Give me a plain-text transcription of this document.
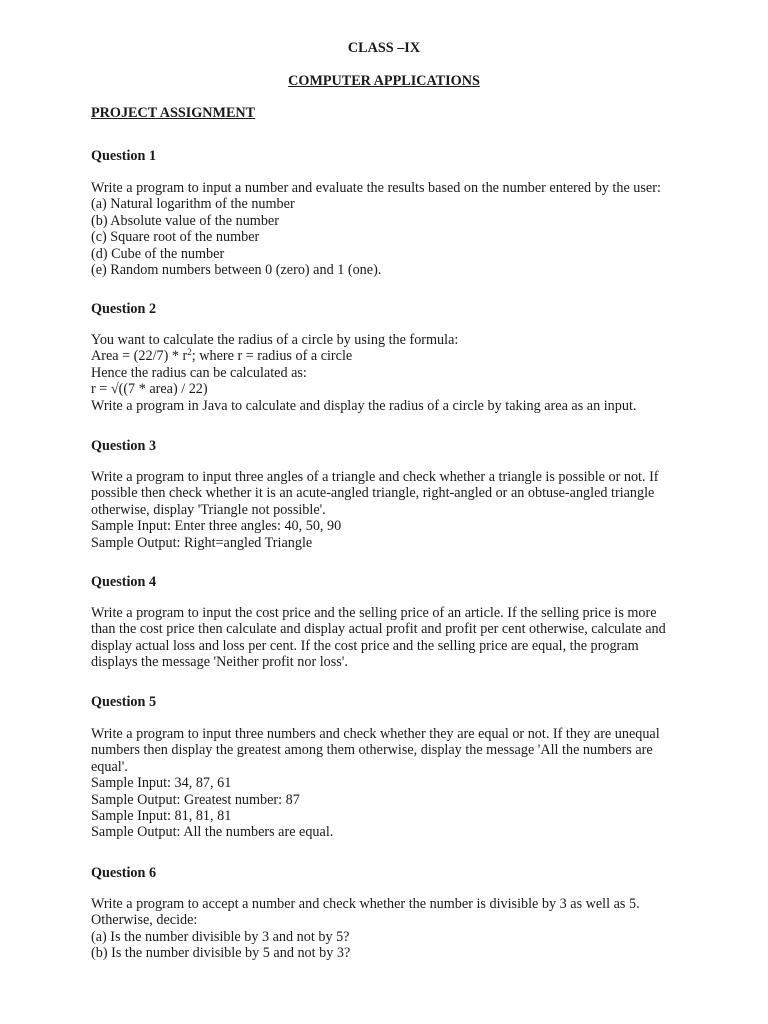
CLASS –IX
COMPUTER APPLICATIONS
PROJECT ASSIGNMENT
Question 1
Write a program to input a number and evaluate the results based on the number entered by the user:
(a) Natural logarithm of the number
(b) Absolute value of the number
(c) Square root of the number
(d) Cube of the number
(e) Random numbers between 0 (zero) and 1 (one).
Question 2
You want to calculate the radius of a circle by using the formula:
Area = $(22/7) * r^2$; where r = radius of a circle
Hence the radius can be calculated as:
r = √((7 * area) / 22)
Write a program in Java to calculate and display the radius of a circle by taking area as an input.
Question 3
Write a program to input three angles of a triangle and check whether a triangle is possible or not. If
possible then check whether it is an acute-angled triangle, right-angled or an obtuse-angled triangle
otherwise, display 'Triangle not possible'.
Sample Input: Enter three angles: 40, 50, 90
Sample Output: Right=angled Triangle
Question 4
Write a program to input the cost price and the selling price of an article. If the selling price is more
than the cost price then calculate and display actual profit and profit per cent otherwise, calculate and
display actual loss and loss per cent. If the cost price and the selling price are equal, the program
displays the message 'Neither profit nor loss'.
Question 5
Write a program to input three numbers and check whether they are equal or not. If they are unequal
numbers then display the greatest among them otherwise, display the message 'All the numbers are
equal'.
Sample Input: 34, 87, 61
Sample Output: Greatest number: 87
Sample Input: 81, 81, 81
Sample Output: All the numbers are equal.
Question 6
Write a program to accept a number and check whether the number is divisible by 3 as well as 5.
Otherwise, decide:
(a) Is the number divisible by 3 and not by 5?
(b) Is the number divisible by 5 and not by 3?
